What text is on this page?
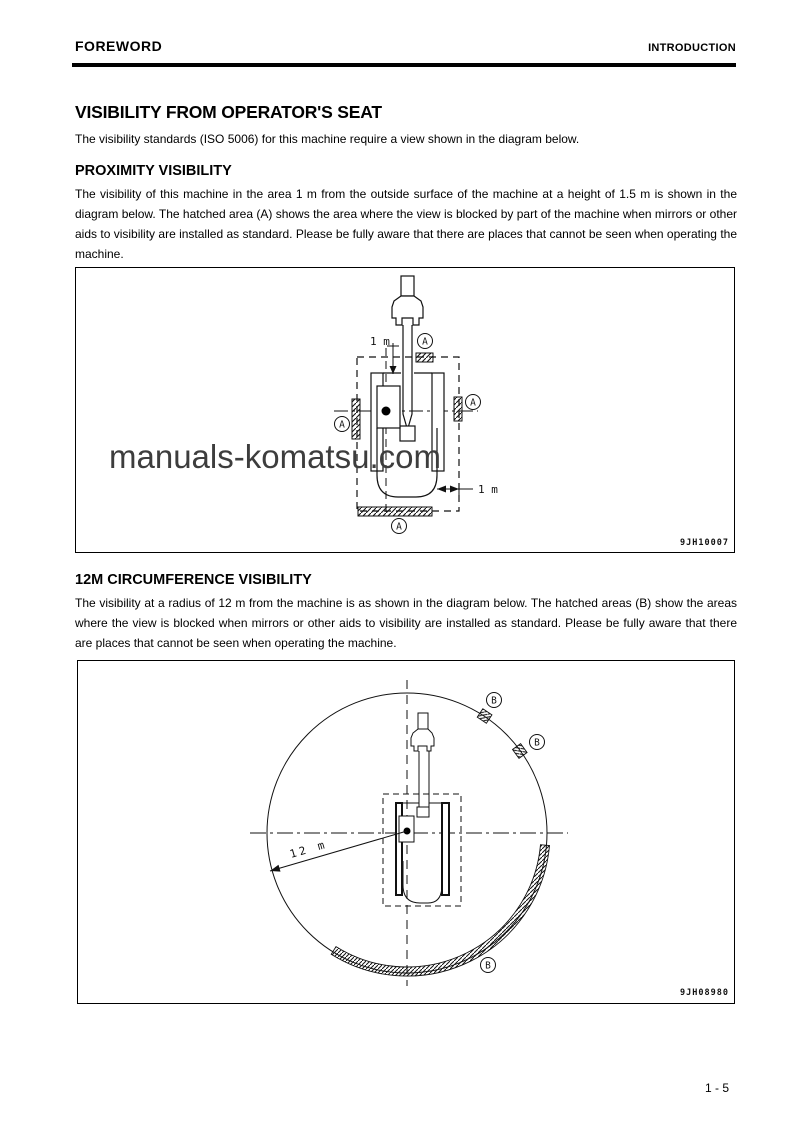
FOREWORD	INTRODUCTION
VISIBILITY FROM OPERATOR'S SEAT

The visibility standards (ISO 5006) for this machine require a view shown in the diagram below.

PROXIMITY VISIBILITY

The visibility of this machine in the area 1 m from the outside surface of the machine at a height of 1.5 m is shown in the diagram below. The hatched area (A) shows the area where the view is blocked by part of the machine when mirrors or other aids to visibility are installed as standard. Please be fully aware that there are places that cannot be seen when operating the machine.

A
A
A
A
1 m
1 m
manuals-komatsu.com
9JH10007
12M CIRCUMFERENCE VISIBILITY

The visibility at a radius of 12 m from the machine is as shown in the diagram below. The hatched areas (B) show the areas where the view is blocked when mirrors or other aids to visibility are installed as standard. Please be fully aware that there are places that cannot be seen when operating the machine.

12 m
B
B
B
9JH08980
1 - 5
